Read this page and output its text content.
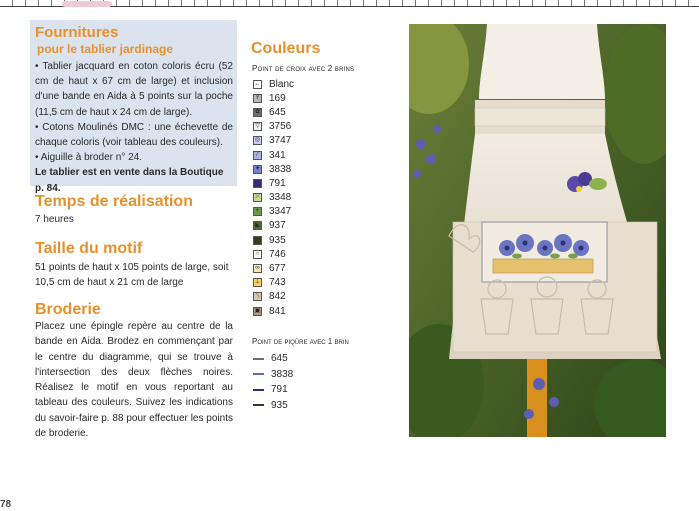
Fournitures
pour le tablier jardinage

• Tablier jacquard en coton coloris écru (52 cm de haut x 67 cm de large) et inclusion d'une bande en Aida à 5 points sur la poche (11,5 cm de haut x 24 cm de large).

• Cotons Moulinés DMC : une échevette de chaque coloris (voir tableau des couleurs).

• Aiguille à broder n° 24.

Le tablier est en vente dans la Boutique p. 84.

Temps de réalisation
7 heures
Taille du motif
51 points de haut x 105 points de large, soit 10,5 cm de haut x 21 cm de large
Broderie
Placez une épingle repère au centre de la bande en Aida. Brodez en commençant par le centre du diagramme, qui se trouve à l'intersection des deux flèches noires. Réalisez le motif en vous reportant au tableau des couleurs. Suivez les indications du savoir-faire p. 88 pour effectuer les points de broderie.
78
Couleurs
Point de croix avec 2 brins
← Blanc
Y 169
✿ 645
▽ 3756
◎ 3747
⁄	341
✦ 3838
791
⤫ 3348
+ 3347
◣ 937
935
○ 746
∞ 677
⊥ 743
⟍ 842
▣ 841
Point de piqûre avec 1 brin
645
3838
791
935
